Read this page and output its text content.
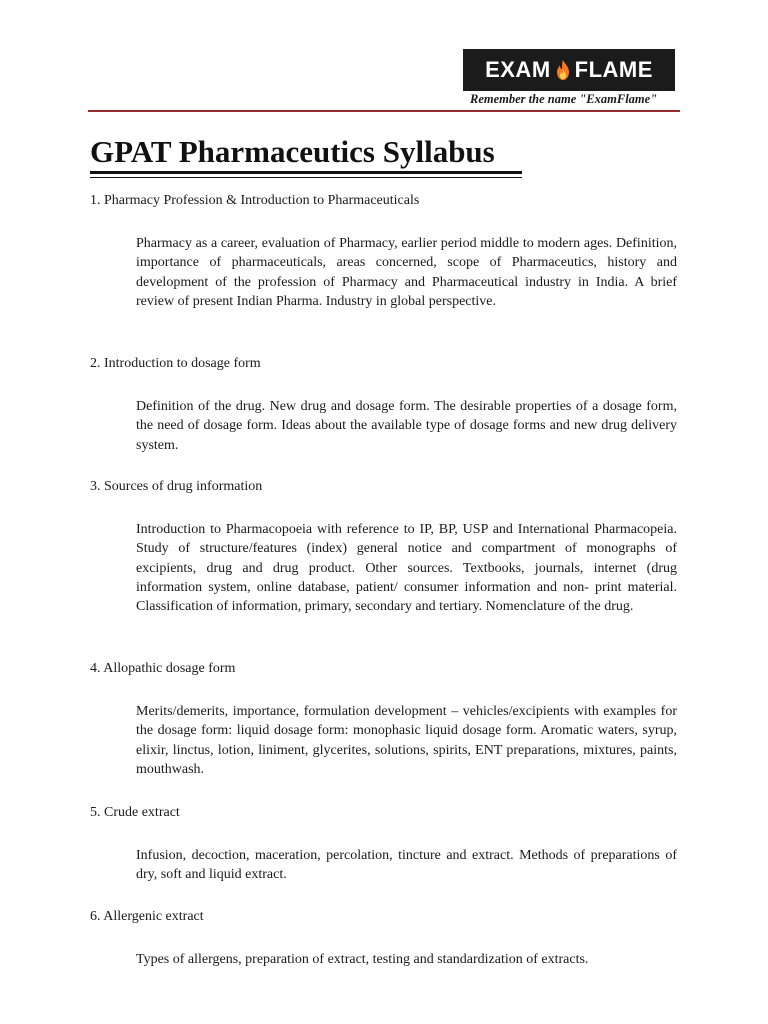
EXAM FLAME
Remember the name "ExamFlame"
GPAT Pharmaceutics Syllabus
1. Pharmacy Profession & Introduction to Pharmaceuticals

Pharmacy as a career, evaluation of Pharmacy, earlier period middle to modern ages. Definition, importance of pharmaceuticals, areas concerned, scope of Pharmaceutics, history and development of the profession of Pharmacy and Pharmaceutical industry in India. A brief review of present Indian Pharma. Industry in global perspective.

2. Introduction to dosage form

Definition of the drug. New drug and dosage form. The desirable properties of a dosage form, the need of dosage form. Ideas about the available type of dosage forms and new drug delivery system.

3. Sources of drug information

Introduction to Pharmacopoeia with reference to IP, BP, USP and International Pharmacopeia. Study of structure/features (index) general notice and compartment of monographs of excipients, drug and drug product. Other sources. Textbooks, journals, internet (drug information system, online database, patient/ consumer information and non- print material. Classification of information, primary, secondary and tertiary. Nomenclature of the drug.

4. Allopathic dosage form

Merits/demerits, importance, formulation development – vehicles/excipients with examples for the dosage form: liquid dosage form: monophasic liquid dosage form. Aromatic waters, syrup, elixir, linctus, lotion, liniment, glycerites, solutions, spirits, ENT preparations, mixtures, paints, mouthwash.

5. Crude extract

Infusion, decoction, maceration, percolation, tincture and extract. Methods of preparations of dry, soft and liquid extract.

6. Allergenic extract

Types of allergens, preparation of extract, testing and standardization of extracts.
